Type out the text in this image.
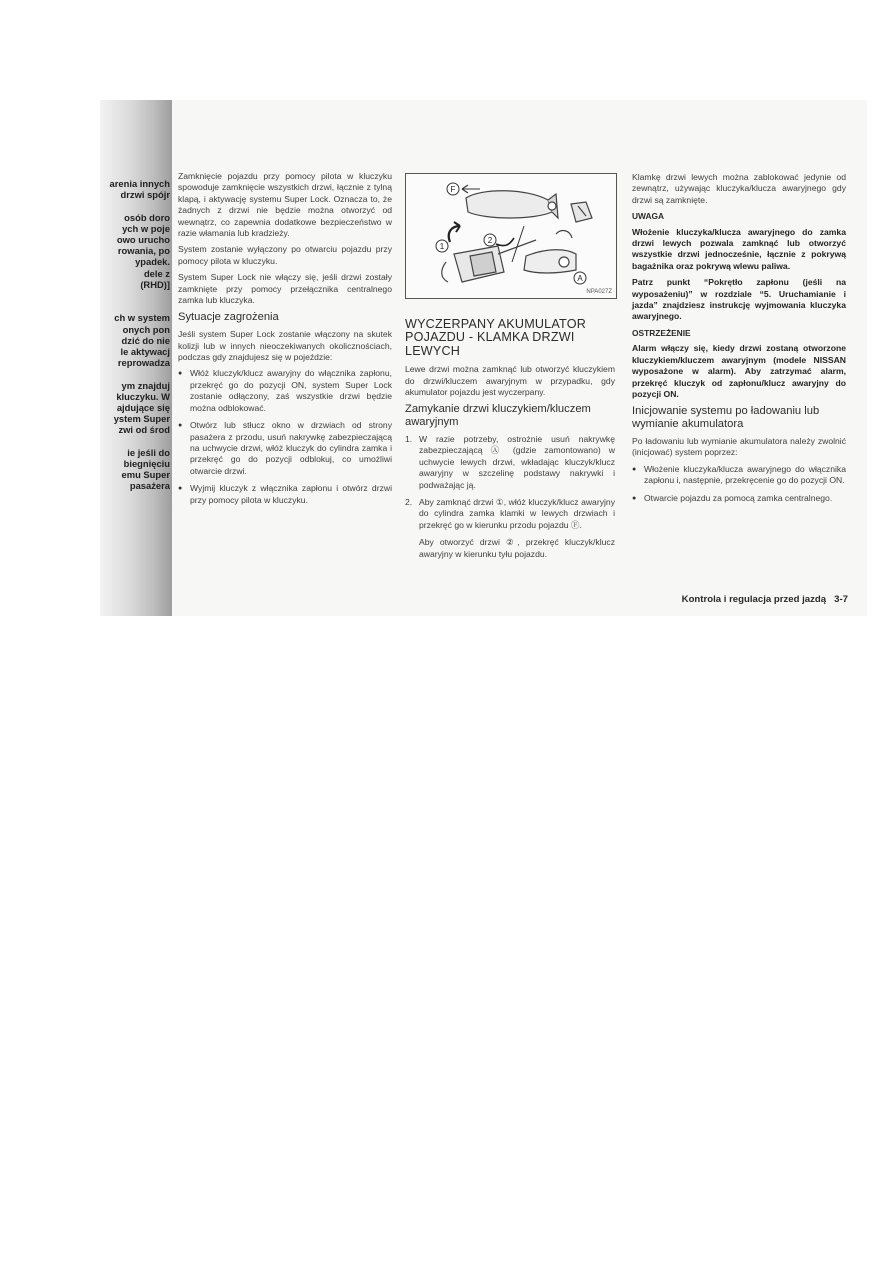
arenia innych
drzwi spójr

osób doro
ych w poje
owo urucho
rowania, po
ypadek.
dele z
(RHD)]

ch w system
onych pon
dzić do nie
le aktywacj
reprowadza

ym znajduj
kluczyku. W
ajdujące się
ystem Super
zwi od środ

ie jeśli do
biegnięciu
emu Super
pasażera

Zamknięcie pojazdu przy pomocy pilota w kluczyku spowoduje zamknięcie wszystkich drzwi, łącznie z tylną klapą, i aktywację systemu Super Lock. Oznacza to, że żadnych z drzwi nie będzie można otworzyć od wewnątrz, co zapewnia dodatkowe bezpieczeństwo w razie włamania lub kradzieży.

System zostanie wyłączony po otwarciu pojazdu przy pomocy pilota w kluczyku.

System Super Lock nie włączy się, jeśli drzwi zostały zamknięte przy pomocy przełącznika centralnego zamka lub kluczyka.

Sytuacje zagrożenia

Jeśli system Super Lock zostanie włączony na skutek kolizji lub w innych nieoczekiwanych okolicznościach, podczas gdy znajdujesz się w pojeździe:

● Włóż kluczyk/klucz awaryjny do włącznika zapłonu, przekręć go do pozycji ON, system Super Lock zostanie odłączony, zaś wszystkie drzwi będzie można odblokować.
● Otwórz lub stłucz okno w drzwiach od strony pasażera z przodu, usuń nakrywkę zabezpieczającą na uchwycie drzwi, włóż kluczyk do cylindra zamka i przekręć go do pozycji odblokuj, co umożliwi otwarcie drzwi.
● Wyjmij kluczyk z włącznika zapłonu i otwórz drzwi przy pomocy pilota w kluczyku.
F
1
2
A
NPA027Z
WYCZERPANY AKUMULATOR POJAZDU - KLAMKA DRZWI LEWYCH

Lewe drzwi można zamknąć lub otworzyć kluczykiem do drzwi/kluczem awaryjnym w przypadku, gdy akumulator pojazdu jest wyczerpany.

Zamykanie drzwi kluczykiem/kluczem awaryjnym
1. W razie potrzeby, ostrożnie usuń nakrywkę zabezpieczającą Ⓐ (gdzie zamontowano) w uchwycie lewych drzwi, wkładając kluczyk/klucz awaryjny w szczelinę podstawy nakrywki i podważając ją.
2. Aby zamknąć drzwi ①, włóż kluczyk/klucz awaryjny do cylindra zamka klamki w lewych drzwiach i przekręć go w kierunku przodu pojazdu Ⓕ.
Aby otworzyć drzwi ②, przekręć kluczyk/klucz awaryjny w kierunku tyłu pojazdu.

Klamkę drzwi lewych można zablokować jedynie od zewnątrz, używając kluczyka/klucza awaryjnego gdy drzwi są zamknięte.

UWAGA

Włożenie kluczyka/klucza awaryjnego do zamka drzwi lewych pozwala zamknąć lub otworzyć wszystkie drzwi jednocześnie, łącznie z pokrywą bagażnika oraz pokrywą wlewu paliwa.

Patrz punkt “Pokrętło zapłonu (jeśli na wyposażeniu)” w rozdziale “5. Uruchamianie i jazda” znajdziesz instrukcję wyjmowania kluczyka awaryjnego.

OSTRZEŻENIE

Alarm włączy się, kiedy drzwi zostaną otworzone kluczykiem/kluczem awaryjnym (modele NISSAN wyposażone w alarm). Aby zatrzymać alarm, przekręć kluczyk od zapłonu/klucz awaryjny do pozycji ON.

Inicjowanie systemu po ładowaniu lub wymianie akumulatora

Po ładowaniu lub wymianie akumulatora należy zwolnić (inicjować) system poprzez:

● Włożenie kluczyka/klucza awaryjnego do włącznika zapłonu i, następnie, przekręcenie go do pozycji ON.
● Otwarcie pojazdu za pomocą zamka centralnego.
Kontrola i regulacja przed jazdą 3-7
